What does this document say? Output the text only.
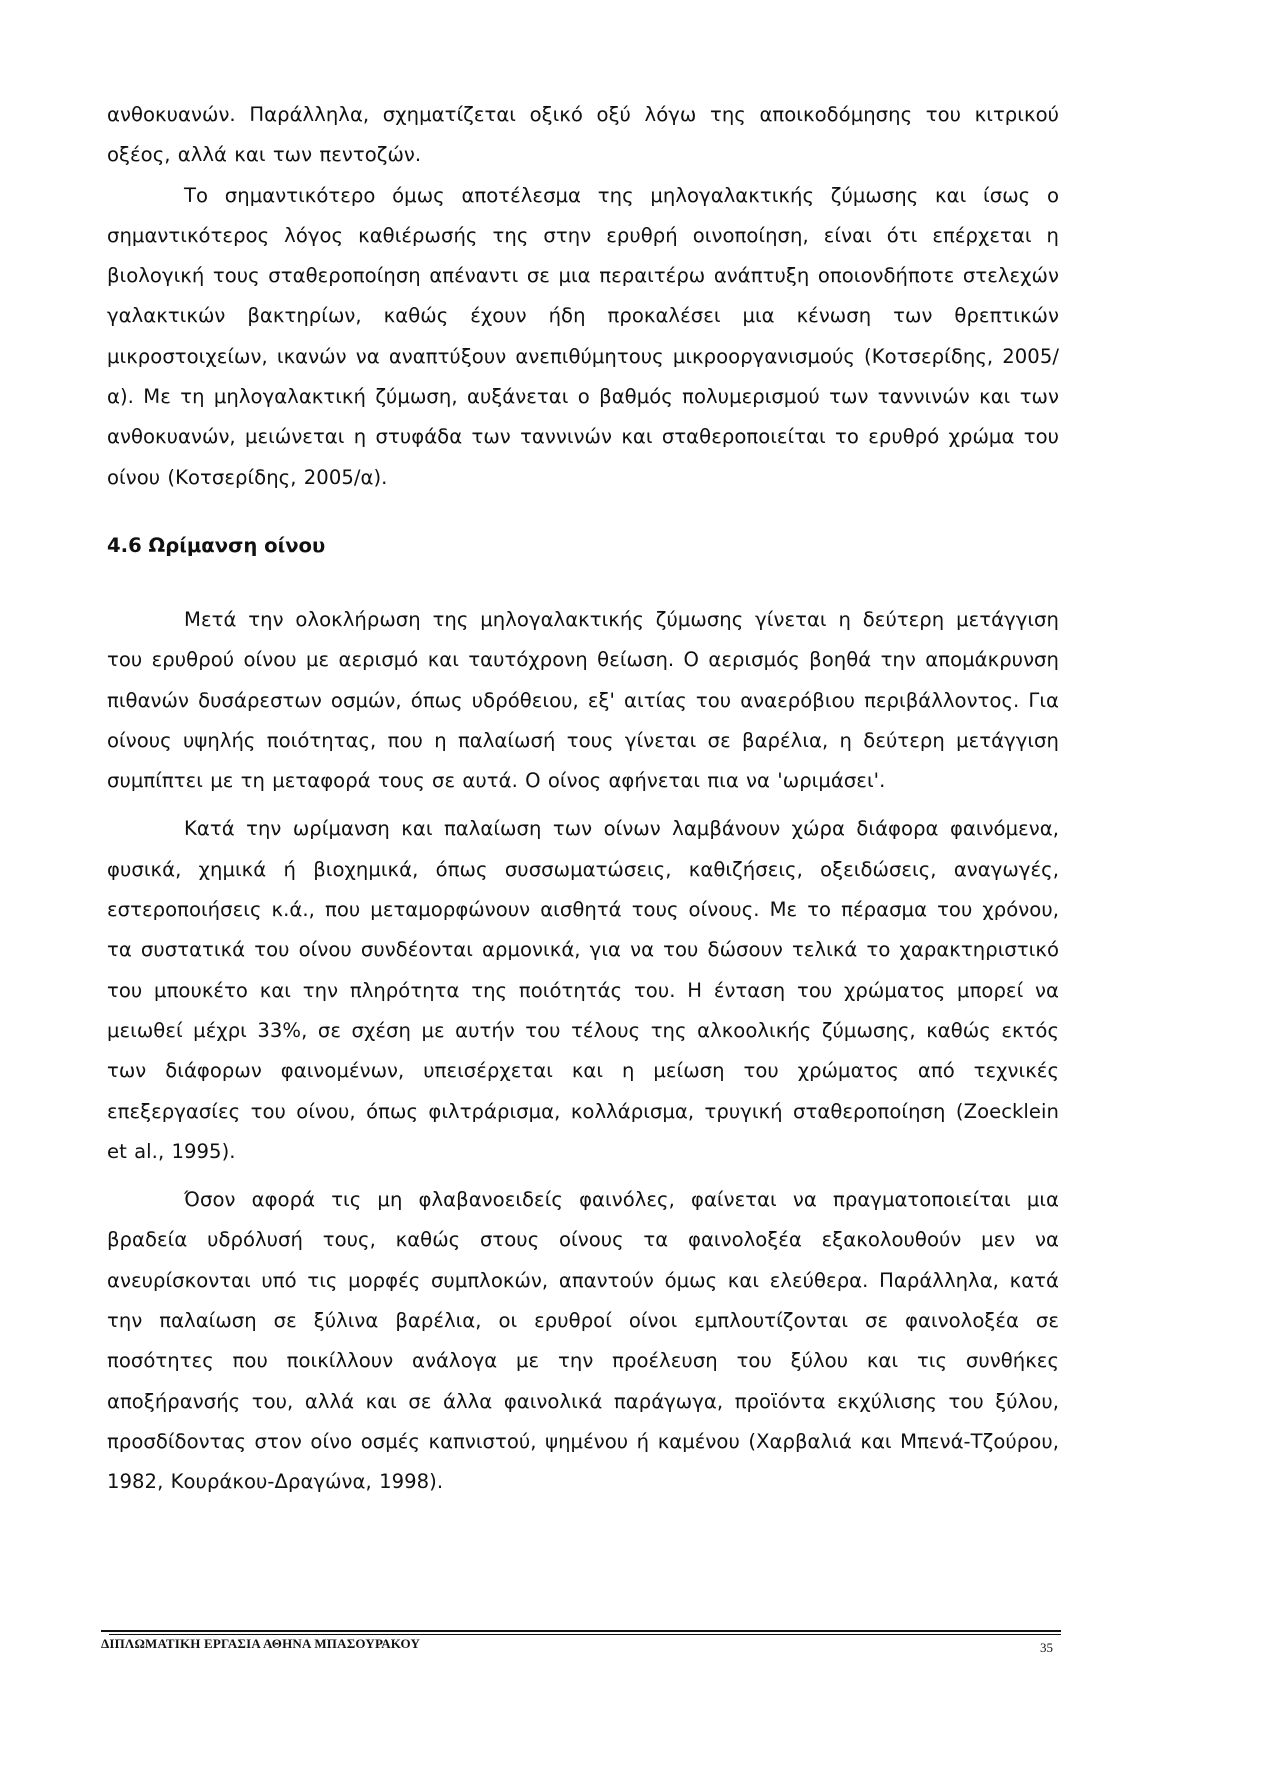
ανθοκυανών. Παράλληλα, σχηματίζεται οξικό οξύ λόγω της αποικοδόμησης του κιτρικού οξέος, αλλά και των πεντοζών.

Το σημαντικότερο όμως αποτέλεσμα της μηλογαλακτικής ζύμωσης και ίσως ο σημαντικότερος λόγος καθιέρωσής της στην ερυθρή οινοποίηση, είναι ότι επέρχεται η βιολογική τους σταθεροποίηση απέναντι σε μια περαιτέρω ανάπτυξη οποιονδήποτε στελεχών γαλακτικών βακτηρίων, καθώς έχουν ήδη προκαλέσει μια κένωση των θρεπτικών μικροστοιχείων, ικανών να αναπτύξουν ανεπιθύμητους μικροοργανισμούς (Κοτσερίδης, 2005/α). Με τη μηλογαλακτική ζύμωση, αυξάνεται ο βαθμός πολυμερισμού των ταννινών και των ανθοκυανών, μειώνεται η στυφάδα των ταννινών και σταθεροποιείται το ερυθρό χρώμα του οίνου (Κοτσερίδης, 2005/α).

4.6 Ωρίμανση οίνου

Μετά την ολοκλήρωση της μηλογαλακτικής ζύμωσης γίνεται η δεύτερη μετάγγιση του ερυθρού οίνου με αερισμό και ταυτόχρονη θείωση. Ο αερισμός βοηθά την απομάκρυνση πιθανών δυσάρεστων οσμών, όπως υδρόθειου, εξ' αιτίας του αναερόβιου περιβάλλοντος. Για οίνους υψηλής ποιότητας, που η παλαίωσή τους γίνεται σε βαρέλια, η δεύτερη μετάγγιση συμπίπτει με τη μεταφορά τους σε αυτά. Ο οίνος αφήνεται πια να 'ωριμάσει'.

Κατά την ωρίμανση και παλαίωση των οίνων λαμβάνουν χώρα διάφορα φαινόμενα, φυσικά, χημικά ή βιοχημικά, όπως συσσωματώσεις, καθιζήσεις, οξειδώσεις, αναγωγές, εστεροποιήσεις κ.ά., που μεταμορφώνουν αισθητά τους οίνους. Με το πέρασμα του χρόνου, τα συστατικά του οίνου συνδέονται αρμονικά, για να του δώσουν τελικά το χαρακτηριστικό του μπουκέτο και την πληρότητα της ποιότητάς του. Η ένταση του χρώματος μπορεί να μειωθεί μέχρι 33%, σε σχέση με αυτήν του τέλους της αλκοολικής ζύμωσης, καθώς εκτός των διάφορων φαινομένων, υπεισέρχεται και η μείωση του χρώματος από τεχνικές επεξεργασίες του οίνου, όπως φιλτράρισμα, κολλάρισμα, τρυγική σταθεροποίηση (Zoecklein et al., 1995).

Όσον αφορά τις μη φλαβανοειδείς φαινόλες, φαίνεται να πραγματοποιείται μια βραδεία υδρόλυσή τους, καθώς στους οίνους τα φαινολοξέα εξακολουθούν μεν να ανευρίσκονται υπό τις μορφές συμπλοκών, απαντούν όμως και ελεύθερα. Παράλληλα, κατά την παλαίωση σε ξύλινα βαρέλια, οι ερυθροί οίνοι εμπλουτίζονται σε φαινολοξέα σε ποσότητες που ποικίλλουν ανάλογα με την προέλευση του ξύλου και τις συνθήκες αποξήρανσής του, αλλά και σε άλλα φαινολικά παράγωγα, προϊόντα εκχύλισης του ξύλου, προσδίδοντας στον οίνο οσμές καπνιστού, ψημένου ή καμένου (Χαρβαλιά και Μπενά-Τζούρου, 1982, Κουράκου-Δραγώνα, 1998).

ΔΙΠΛΩΜΑΤΙΚΗ ΕΡΓΑΣΙΑ ΑΘΗΝΑ ΜΠΑΣΟΥΡΑΚΟΥ	35
